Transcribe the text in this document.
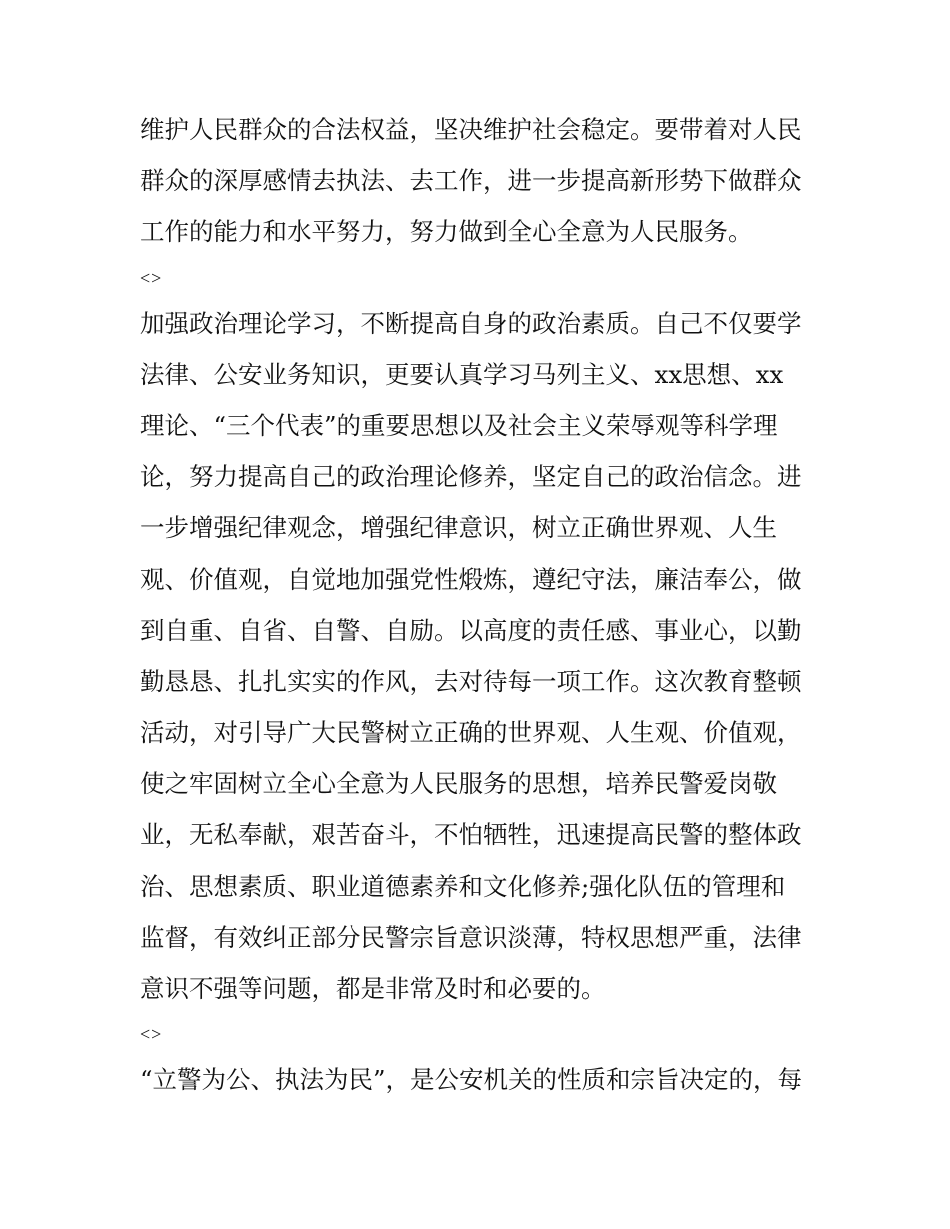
维护人民群众的合法权益，坚决维护社会稳定。要带着对人民
群众的深厚感情去执法、去工作，进一步提高新形势下做群众
工作的能力和水平努力，努力做到全心全意为人民服务。
<>
加强政治理论学习，不断提高自身的政治素质。自己不仅要学
法律、公安业务知识，更要认真学习马列主义、xx思想、xx
理论、“三个代表”的重要思想以及社会主义荣辱观等科学理
论，努力提高自己的政治理论修养，坚定自己的政治信念。进
一步增强纪律观念，增强纪律意识，树立正确世界观、人生
观、价值观，自觉地加强党性煅炼，遵纪守法，廉洁奉公，做
到自重、自省、自警、自励。以高度的责任感、事业心，以勤
勤恳恳、扎扎实实的作风，去对待每一项工作。这次教育整顿
活动，对引导广大民警树立正确的世界观、人生观、价值观，
使之牢固树立全心全意为人民服务的思想，培养民警爱岗敬
业，无私奉献，艰苦奋斗，不怕牺牲，迅速提高民警的整体政
治、思想素质、职业道德素养和文化修养;强化队伍的管理和
监督，有效纠正部分民警宗旨意识淡薄，特权思想严重，法律
意识不强等问题，都是非常及时和必要的。
<>
“立警为公、执法为民”，是公安机关的性质和宗旨决定的，每
